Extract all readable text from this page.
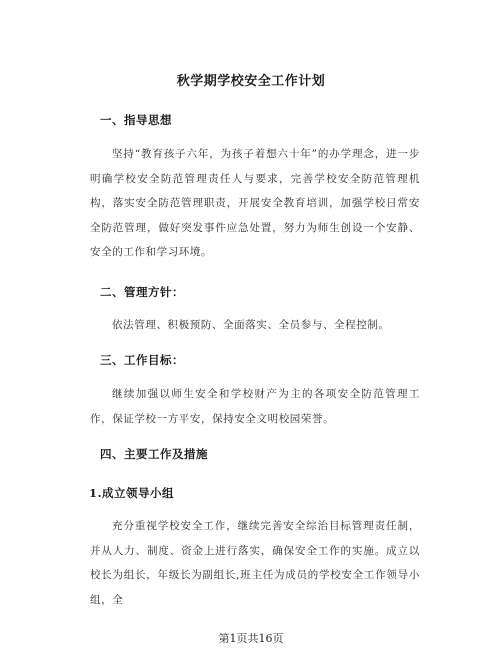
秋学期学校安全工作计划
一、指导思想
坚持“教育孩子六年，为孩子着想六十年”的办学理念，进一步明确学校安全防范管理责任人与要求，完善学校安全防范管理机构，落实安全防范管理职责，开展安全教育培训，加强学校日常安全防范管理，做好突发事件应急处置，努力为师生创设一个安静、安全的工作和学习环境。
二、管理方针：
依法管理、积极预防、全面落实、全员参与、全程控制。
三、工作目标：
继续加强以师生安全和学校财产为主的各项安全防范管理工作，保证学校一方平安，保持安全文明校园荣誉。
四、主要工作及措施
1.成立领导小组
充分重视学校安全工作，继续完善安全综治目标管理责任制，并从人力、制度、资金上进行落实，确保安全工作的实施。成立以校长为组长，年级长为副组长,班主任为成员的学校安全工作领导小组，全
第1页共16页
